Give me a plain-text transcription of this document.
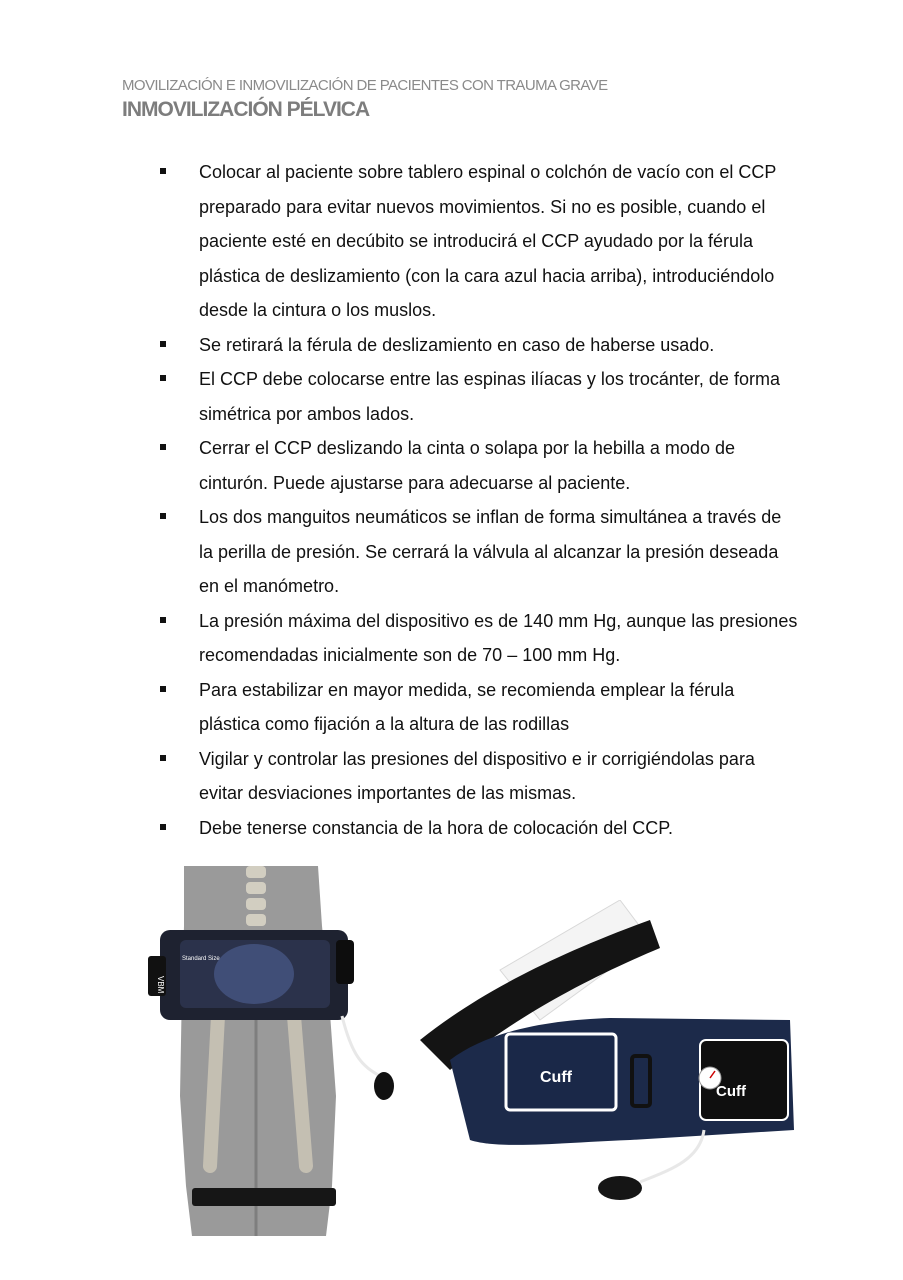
MOVILIZACIÓN E INMOVILIZACIÓN DE PACIENTES CON TRAUMA GRAVE
INMOVILIZACIÓN PÉLVICA
Colocar al paciente sobre tablero espinal o colchón de vacío con el CCP preparado para evitar nuevos movimientos. Si no es posible, cuando el paciente esté en decúbito se introducirá el CCP ayudado por la férula plástica de deslizamiento (con la cara azul hacia arriba), introduciéndolo desde la cintura o los muslos.
Se retirará la férula de deslizamiento en caso de haberse usado.
El CCP debe colocarse entre las espinas ilíacas y los trocánter, de forma simétrica por ambos lados.
Cerrar el CCP deslizando la cinta o solapa por la hebilla a modo de cinturón. Puede ajustarse para adecuarse al paciente.
Los dos manguitos neumáticos se inflan de forma simultánea a través de la perilla de presión. Se cerrará la válvula al alcanzar la presión deseada en el manómetro.
La presión máxima del dispositivo es de 140 mm Hg, aunque las presiones recomendadas inicialmente son de 70 – 100 mm Hg.
Para estabilizar en mayor medida, se recomienda emplear la férula plástica como fijación a la altura de las rodillas
Vigilar y controlar las presiones del dispositivo e ir corrigiéndolas para evitar desviaciones importantes de las mismas.
Debe tenerse constancia de la hora de colocación del CCP.
VBM
Standard Size
Cuff
Cuff
